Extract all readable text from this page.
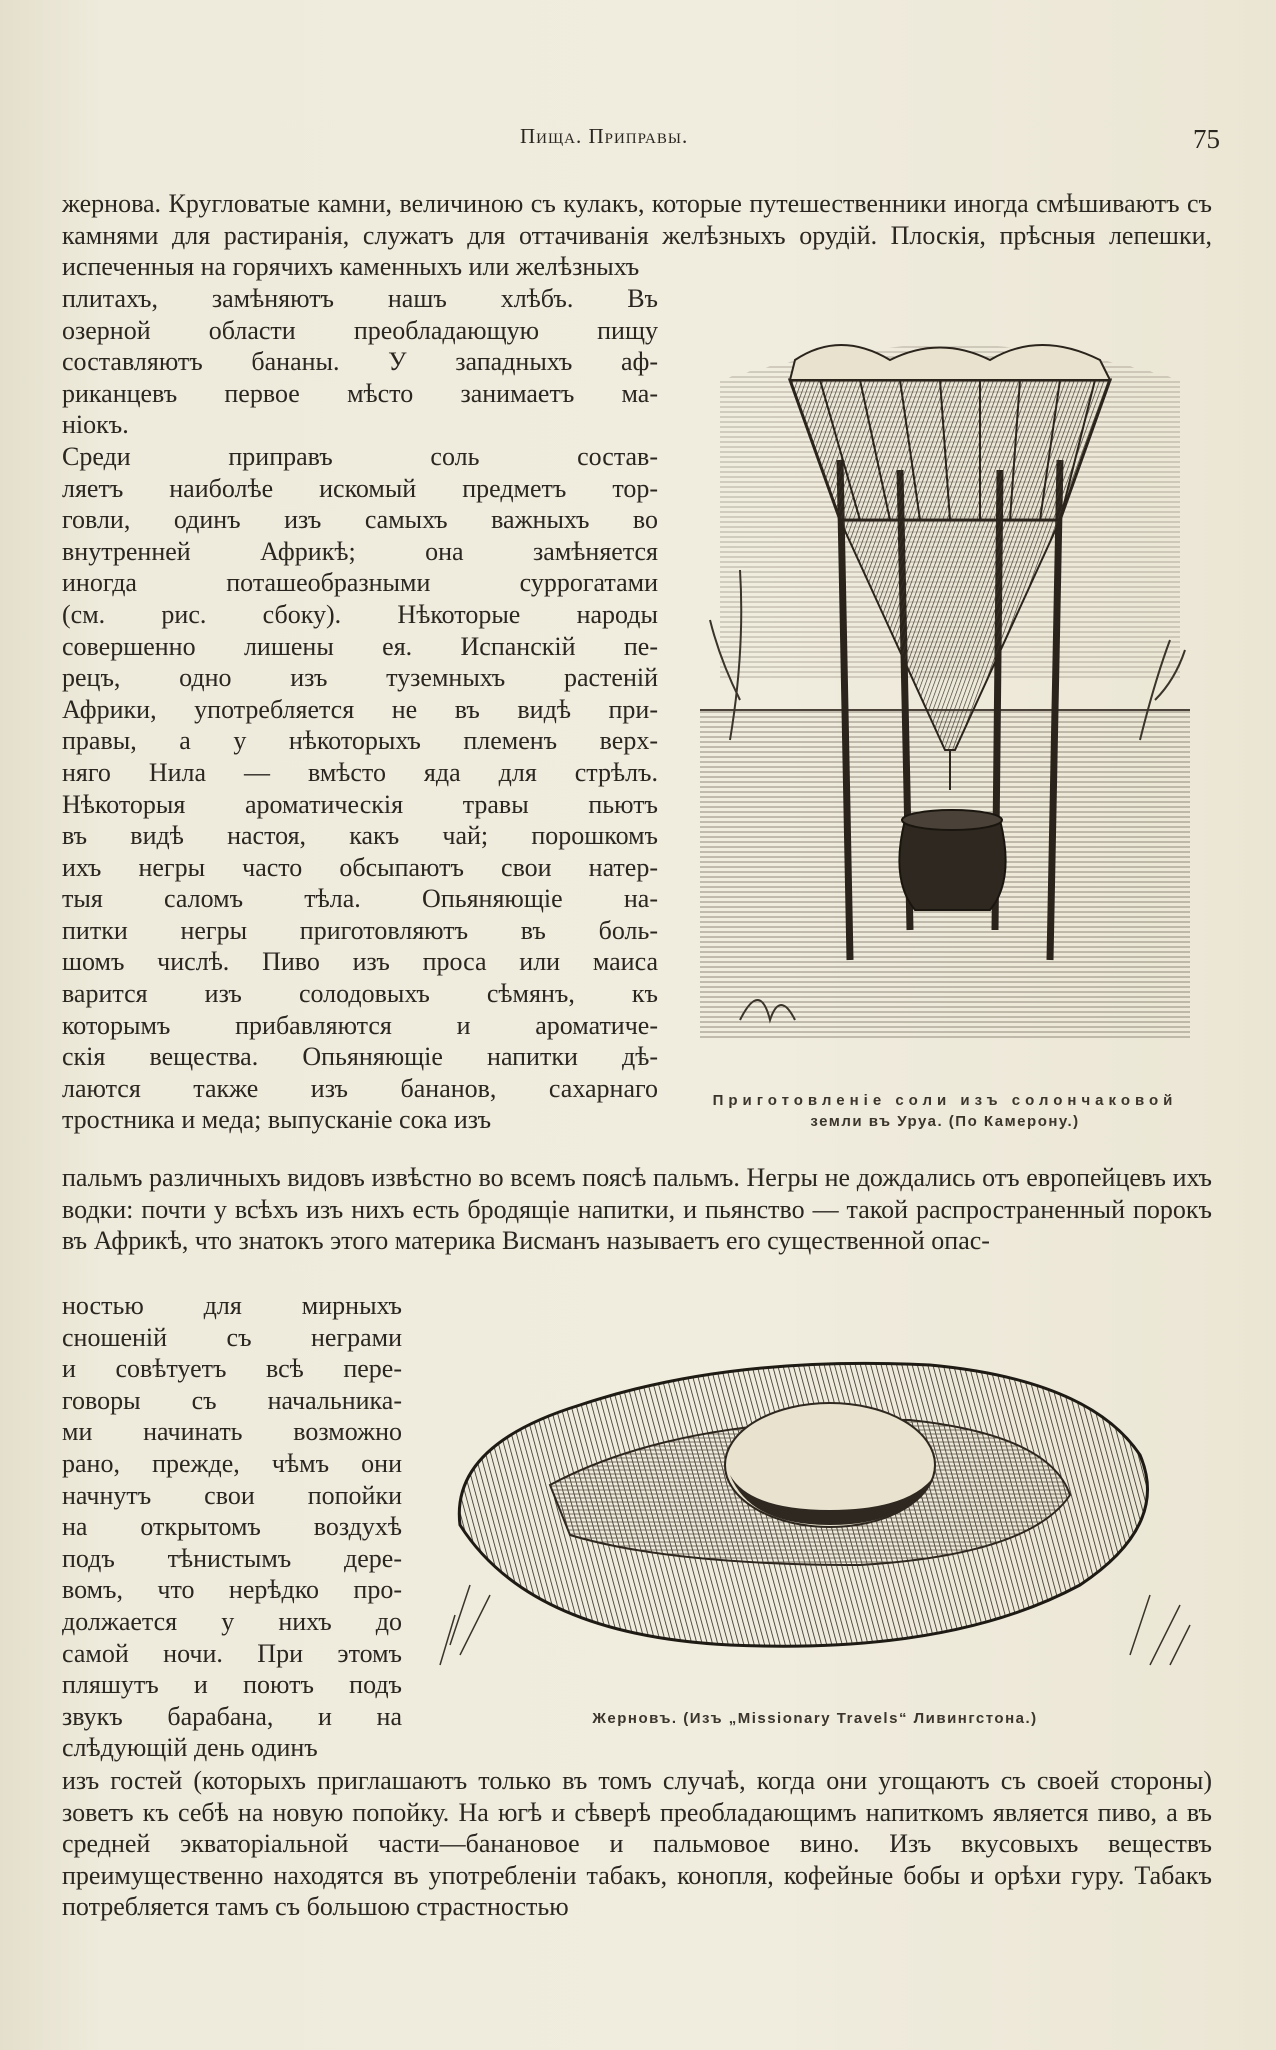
Пища. Приправы.	75

жернова. Кругловатые камни, величиною съ кулакъ, которые путешественники иногда смѣшиваютъ съ камнями для растиранія, служатъ для оттачиванія желѣзныхъ орудій. Плоскія, прѣсныя лепешки, испеченныя на горячихъ каменныхъ или желѣзныхъ

плитахъ, замѣняютъ нашъ хлѣбъ. Въ
озерной области преобладающую пищу
составляютъ бананы. У западныхъ аф-
риканцевъ первое мѣсто занимаетъ ма-
ніокъ.
Среди приправъ соль состав-
ляетъ наиболѣе искомый предметъ тор-
говли, одинъ изъ самыхъ важныхъ во
внутренней Африкѣ; она замѣняется
иногда поташеобразными суррогатами
(см. рис. сбоку). Нѣкоторые народы
совершенно лишены ея. Испанскій пе-
рецъ, одно изъ туземныхъ растеній
Африки, употребляется не въ видѣ при-
правы, а у нѣкоторыхъ племенъ верх-
няго Нила — вмѣсто яда для стрѣлъ.
Нѣкоторыя ароматическія травы пьютъ
въ видѣ настоя, какъ чай; порошкомъ
ихъ негры часто обсыпаютъ свои натер-
тыя саломъ тѣла. Опьяняющіе на-
питки негры приготовляютъ въ боль-
шомъ числѣ. Пиво изъ проса или маиса
варится изъ солодовыхъ сѣмянъ, къ
которымъ прибавляются и ароматиче-
скія вещества. Опьяняющіе напитки дѣ-
лаются также изъ бананов, сахарнаго
тростника и меда; выпусканіе сока изъ
Приготовленіе соли изъ солончаковой
земли въ Уруа. (По Камерону.)

пальмъ различныхъ видовъ извѣстно во всемъ поясѣ пальмъ. Негры не дождались отъ европейцевъ ихъ водки: почти у всѣхъ изъ нихъ есть бродящіе напитки, и пьянство — такой распространенный порокъ въ Африкѣ, что знатокъ этого материка Висманъ называетъ его существенной опас-

ностью для мирныхъ
сношеній съ неграми
и совѣтуетъ всѣ пере-
говоры съ начальника-
ми начинать возможно
рано, прежде, чѣмъ они
начнутъ свои попойки
на открытомъ воздухѣ
подъ тѣнистымъ дере-
вомъ, что нерѣдко про-
должается у нихъ до
самой ночи. При этомъ
пляшутъ и поютъ подъ
звукъ барабана, и на
слѣдующій день одинъ
Жерновъ. (Изъ „Missionary Travels“ Ливингстона.)

изъ гостей (которыхъ приглашаютъ только въ томъ случаѣ, когда они угощаютъ съ своей стороны) зоветъ къ себѣ на новую попойку. На югѣ и сѣверѣ преобладающимъ напиткомъ является пиво, а въ средней экваторіальной части—банановое и пальмовое вино. Изъ вкусовыхъ веществъ преимущественно находятся въ употребленіи табакъ, конопля, кофейные бобы и орѣхи гуру. Табакъ потребляется тамъ съ большою страстностью
